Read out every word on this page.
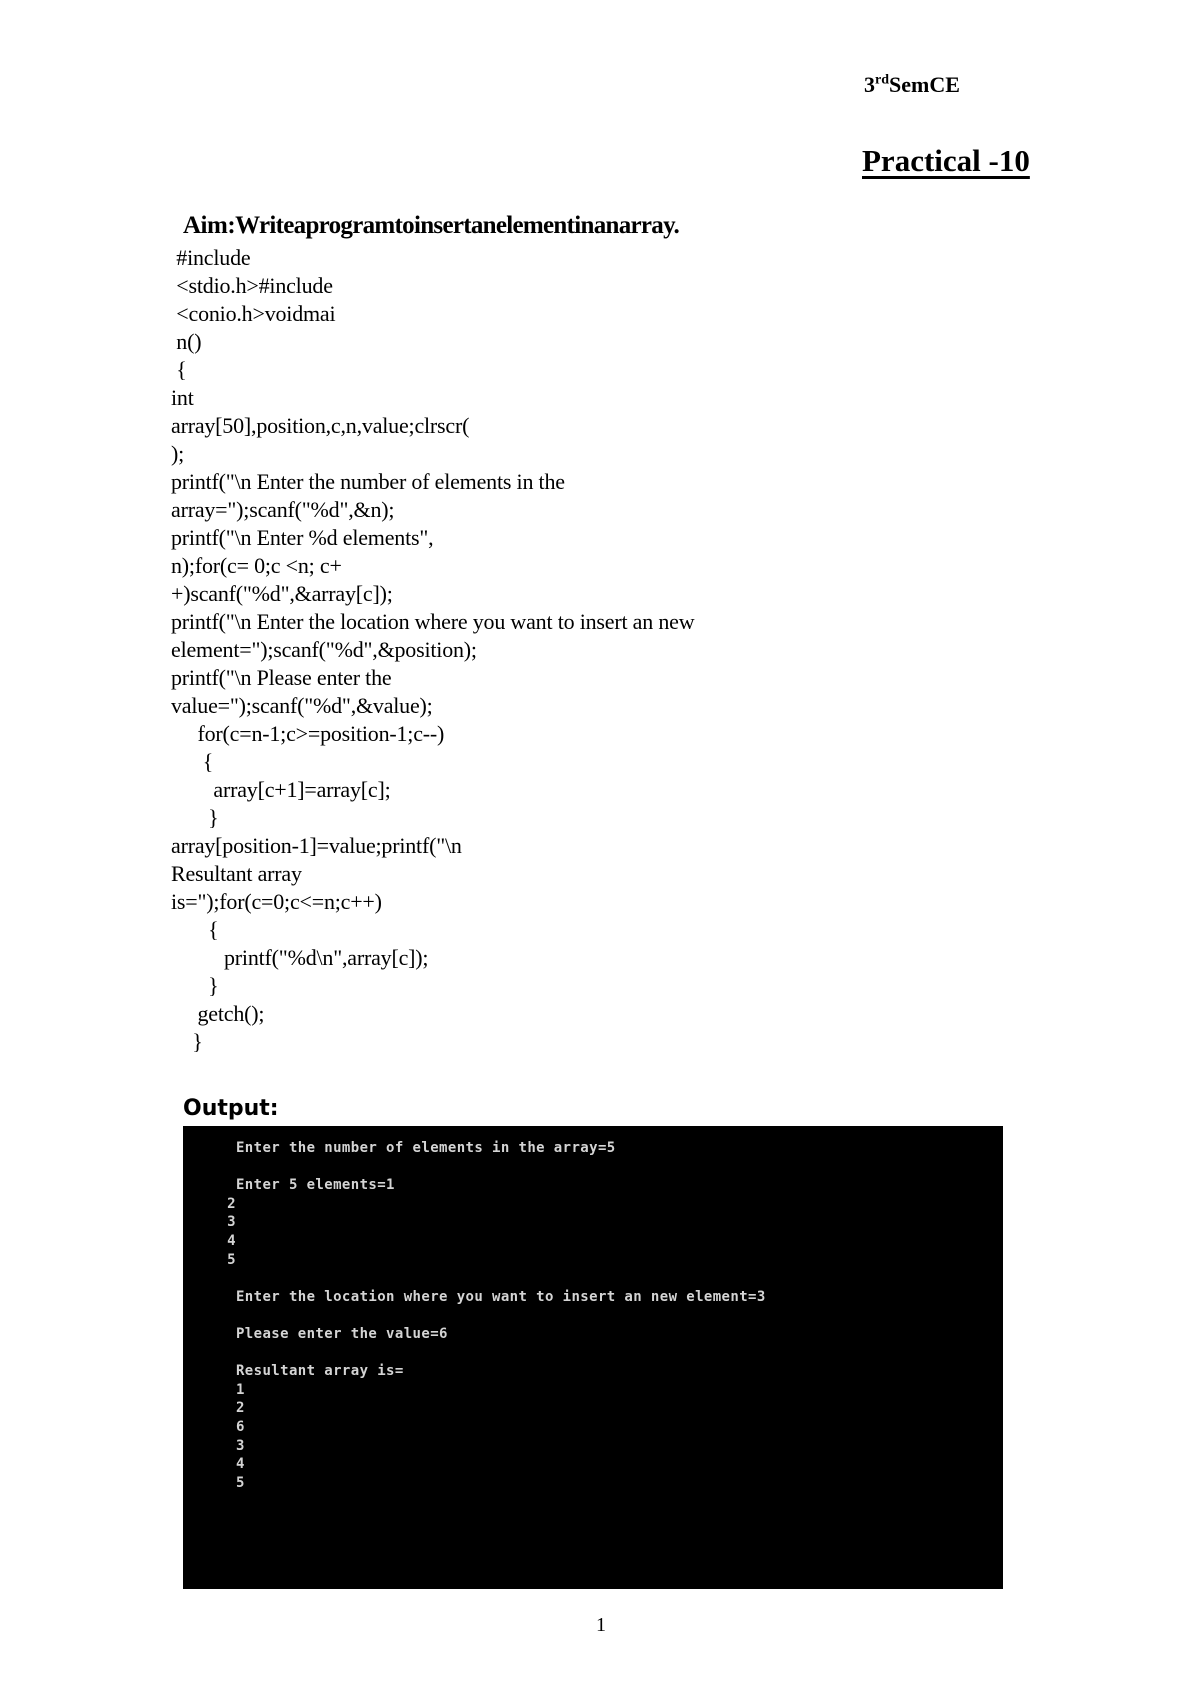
3rdSemCE
Practical -10
Aim:Writeaprogramtoinsertanelementinanarray.
#include
<stdio.h>#include
<conio.h>voidmai
n()
{
int
array[50],position,c,n,value;clrscr(
);
printf("\n Enter the number of elements in the
array=");scanf("%d",&n);
printf("\n Enter %d elements",
n);for(c= 0;c <n; c+
+)scanf("%d",&array[c]);
printf("\n Enter the location where you want to insert an new
element=");scanf("%d",&position);
printf("\n Please enter the
value=");scanf("%d",&value);
for(c=n-1;c>=position-1;c--)
{
array[c+1]=array[c];
}
array[position-1]=value;printf("\n
Resultant array
is=");for(c=0;c<=n;c++)
{
printf("%d\n",array[c]);
}
getch();
}
Output:
Enter the number of elements in the array=5
Enter 5 elements=1
2
3
4
5
Enter the location where you want to insert an new element=3
Please enter the value=6
Resultant array is=
1
2
6
3
4
5
1
